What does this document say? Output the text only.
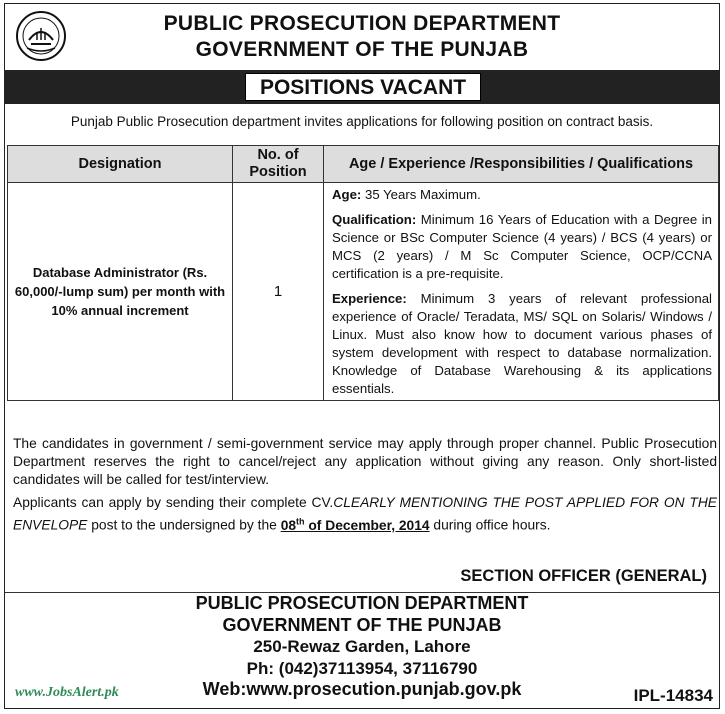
PUBLIC PROSECUTION DEPARTMENT
GOVERNMENT OF THE PUNJAB
POSITIONS VACANT
Punjab Public Prosecution department invites applications for following position on contract basis.
Designation	No. of Position	Age / Experience /Responsibilities / Qualifications
Database Administrator (Rs. 60,000/-lump sum) per month with 10% annual increment	1	Age: 35 Years Maximum.

Qualification: Minimum 16 Years of Education with a Degree in Science or BSc Computer Science (4 years) / BCS (4 years) or MCS (2 years) / M Sc Computer Science, OCP/CCNA certification is a pre-requisite.

Experience: Minimum 3 years of relevant professional experience of Oracle/ Teradata, MS/ SQL on Solaris/ Windows / Linux. Must also know how to document various phases of system development with respect to database normalization. Knowledge of Database Warehousing & its applications essentials.

The candidates in government / semi-government service may apply through proper channel. Public Prosecution Department reserves the right to cancel/reject any application without giving any reason. Only short-listed candidates will be called for test/interview.

Applicants can apply by sending their complete CV.CLEARLY MENTIONING THE POST APPLIED FOR ON THE ENVELOPE post to the undersigned by the 08th of December, 2014 during office hours.

SECTION OFFICER (GENERAL)
PUBLIC PROSECUTION DEPARTMENT
GOVERNMENT OF THE PUNJAB
250-Rewaz Garden, Lahore
Ph: (042)37113954, 37116790
Web:www.prosecution.punjab.gov.pk
www.JobsAlert.pk	IPL-14834
